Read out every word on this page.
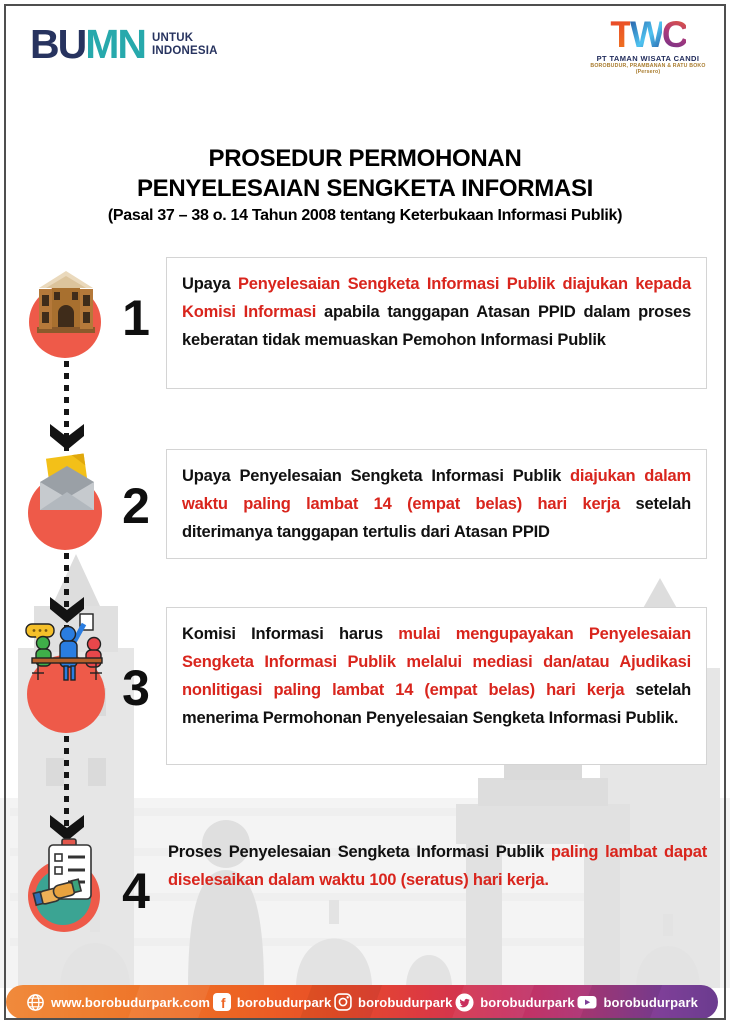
BUMN UNTUK
INDONESIA	TWC
PT TAMAN WISATA CANDI
BOROBUDUR, PRAMBANAN & RATU BOKO (Persero)
PROSEDUR PERMOHONAN
PENYELESAIAN SENGKETA INFORMASI
(Pasal 37 – 38 o. 14 Tahun 2008 tentang Keterbukaan Informasi Publik)
1
2
3
4
Upaya Penyelesaian Sengketa Informasi Publik diajukan kepada Komisi Informasi apabila tanggapan Atasan PPID dalam proses keberatan tidak memuaskan Pemohon Informasi Publik
Upaya Penyelesaian Sengketa Informasi Publik diajukan dalam waktu paling lambat 14 (empat belas) hari kerja setelah diterimanya tanggapan tertulis dari Atasan PPID
Komisi Informasi harus mulai mengupayakan Penyelesaian Sengketa Informasi Publik melalui mediasi dan/atau Ajudikasi nonlitigasi paling lambat 14 (empat belas) hari kerja setelah menerima Permohonan Penyelesaian Sengketa Informasi Publik.
Proses Penyelesaian Sengketa Informasi Publik paling lambat dapat diselesaikan dalam waktu 100 (seratus) hari kerja.
www.borobudurpark.com f borobudurpark borobudurpark borobudurpark borobudurpark
